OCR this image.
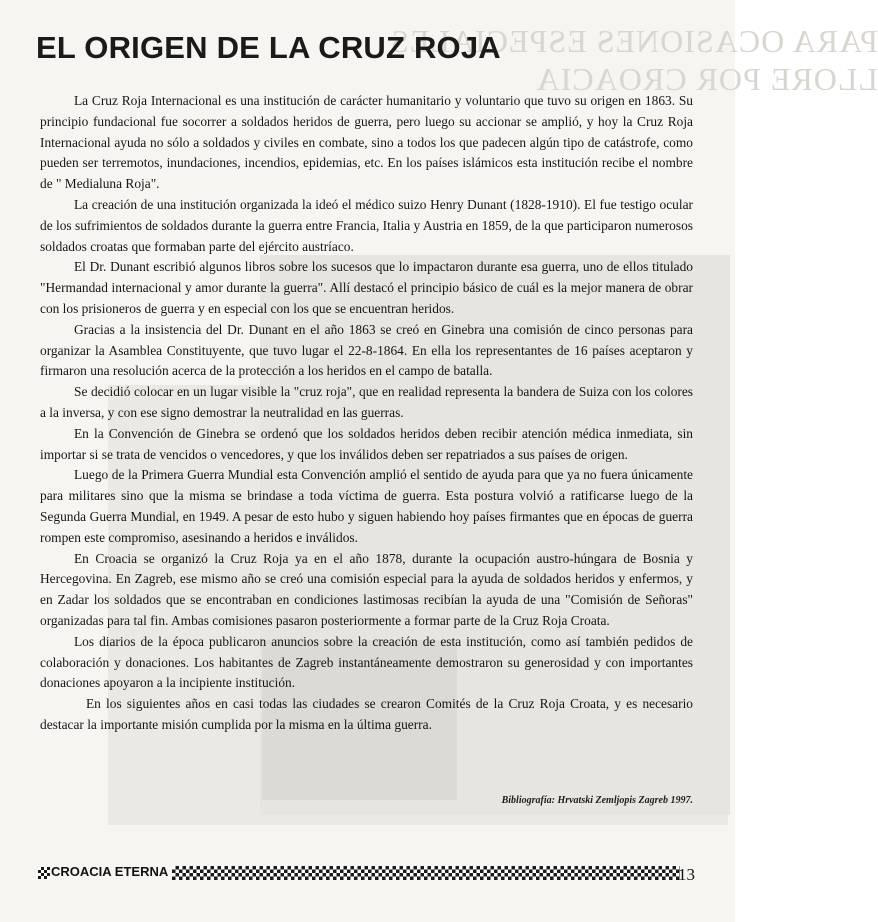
PARA OCASIONES ESPECIALES
LLORE POR CROACIA
EL ORIGEN DE LA CRUZ ROJA

La Cruz Roja Internacional es una institución de carácter humanitario y voluntario que tuvo su origen en 1863. Su principio fundacional fue socorrer a soldados heridos de guerra, pero luego su accionar se amplió, y hoy la Cruz Roja Internacional ayuda no sólo a soldados y civiles en combate, sino a todos los que padecen algún tipo de catástrofe, como pueden ser terremotos, inundaciones, incendios, epidemias, etc. En los países islámicos esta institución recibe el nombre de " Medialuna Roja".

La creación de una institución organizada la ideó el médico suizo Henry Dunant (1828-1910). El fue testigo ocular de los sufrimientos de soldados durante la guerra entre Francia, Italia y Austria en 1859, de la que participaron numerosos soldados croatas que formaban parte del ejército austríaco.

El Dr. Dunant escribió algunos libros sobre los sucesos que lo impactaron durante esa guerra, uno de ellos titulado "Hermandad internacional y amor durante la guerra". Allí destacó el principio básico de cuál es la mejor manera de obrar con los prisioneros de guerra y en especial con los que se encuentran heridos.

Gracias a la insistencia del Dr. Dunant en el año 1863 se creó en Ginebra una comisión de cinco personas para organizar la Asamblea Constituyente, que tuvo lugar el 22-8-1864. En ella los representantes de 16 países aceptaron y firmaron una resolución acerca de la protección a los heridos en el campo de batalla.

Se decidió colocar en un lugar visible la "cruz roja", que en realidad representa la bandera de Suiza con los colores a la inversa, y con ese signo demostrar la neutralidad en las guerras.

En la Convención de Ginebra se ordenó que los soldados heridos deben recibir atención médica inmediata, sin importar si se trata de vencidos o vencedores, y que los inválidos deben ser repatriados a sus países de origen.

Luego de la Primera Guerra Mundial esta Convención amplió el sentido de ayuda para que ya no fuera únicamente para militares sino que la misma se brindase a toda víctima de guerra. Esta postura volvió a ratificarse luego de la Segunda Guerra Mundial, en 1949. A pesar de esto hubo y siguen habiendo hoy países firmantes que en épocas de guerra rompen este compromiso, asesinando a heridos e inválidos.

En Croacia se organizó la Cruz Roja ya en el año 1878, durante la ocupación austro-húngara de Bosnia y Hercegovina. En Zagreb, ese mismo año se creó una comisión especial para la ayuda de soldados heridos y enfermos, y en Zadar los soldados que se encontraban en condiciones lastimosas recibían la ayuda de una "Comisión de Señoras" organizadas para tal fin. Ambas comisiones pasaron posteriormente a formar parte de la Cruz Roja Croata.

Los diarios de la época publicaron anuncios sobre la creación de esta institución, como así también pedidos de colaboración y donaciones. Los habitantes de Zagreb instantáneamente demostraron su generosidad y con importantes donaciones apoyaron a la incipiente institución.

En los siguientes años en casi todas las ciudades se crearon Comités de la Cruz Roja Croata, y es necesario destacar la importante misión cumplida por la misma en la última guerra.

Bibliografía: Hrvatski Zemljopis Zagreb 1997.
CROACIA ETERNA	13
